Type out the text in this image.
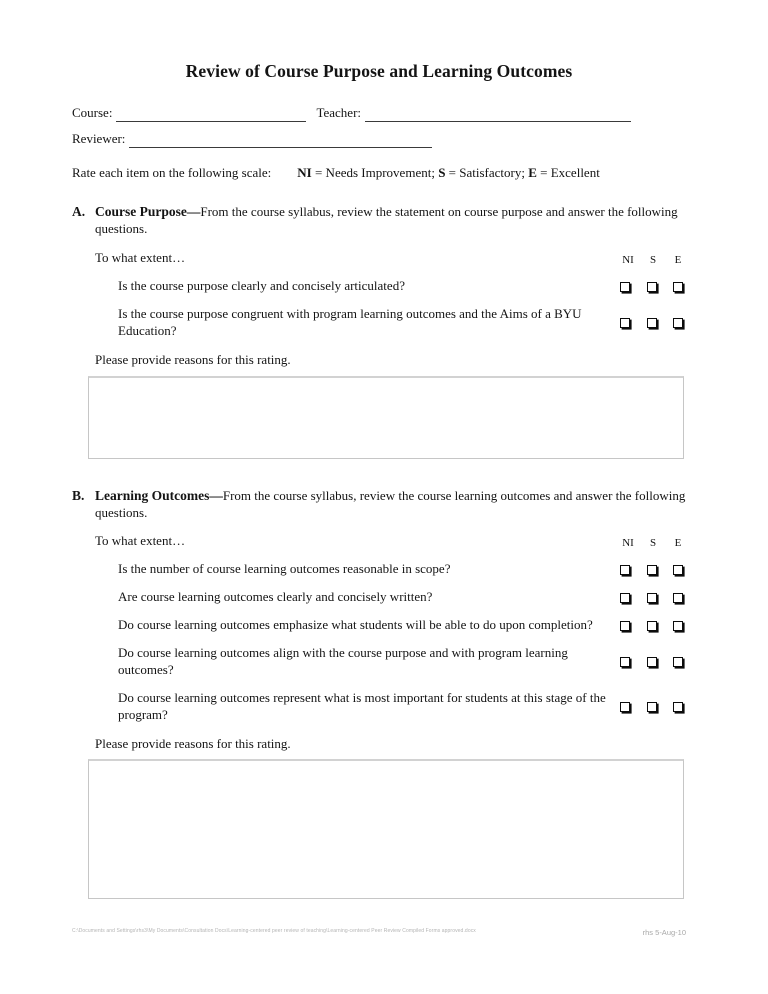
Review of Course Purpose and Learning Outcomes
Course:	Teacher:
Reviewer:
Rate each item on the following scale: NI = Needs Improvement; S = Satisfactory; E = Excellent
A. Course Purpose—From the course syllabus, review the statement on course purpose and answer the following questions.
To what extent…	NI	S	E
Is the course purpose clearly and concisely articulated?
Is the course purpose congruent with program learning outcomes and the Aims of a BYU Education?
Please provide reasons for this rating.
B. Learning Outcomes—From the course syllabus, review the course learning outcomes and answer the following questions.
To what extent…	NI	S	E
Is the number of course learning outcomes reasonable in scope?
Are course learning outcomes clearly and concisely written?
Do course learning outcomes emphasize what students will be able to do upon completion?
Do course learning outcomes align with the course purpose and with program learning outcomes?
Do course learning outcomes represent what is most important for students at this stage of the program?
Please provide reasons for this rating.
C:\Documents and Settings\rhs3\My Documents\Consultation Docs\Learning-centered peer review of teaching\Learning-centered Peer Review Compiled Forms approved.docx	rhs 5-Aug-10
